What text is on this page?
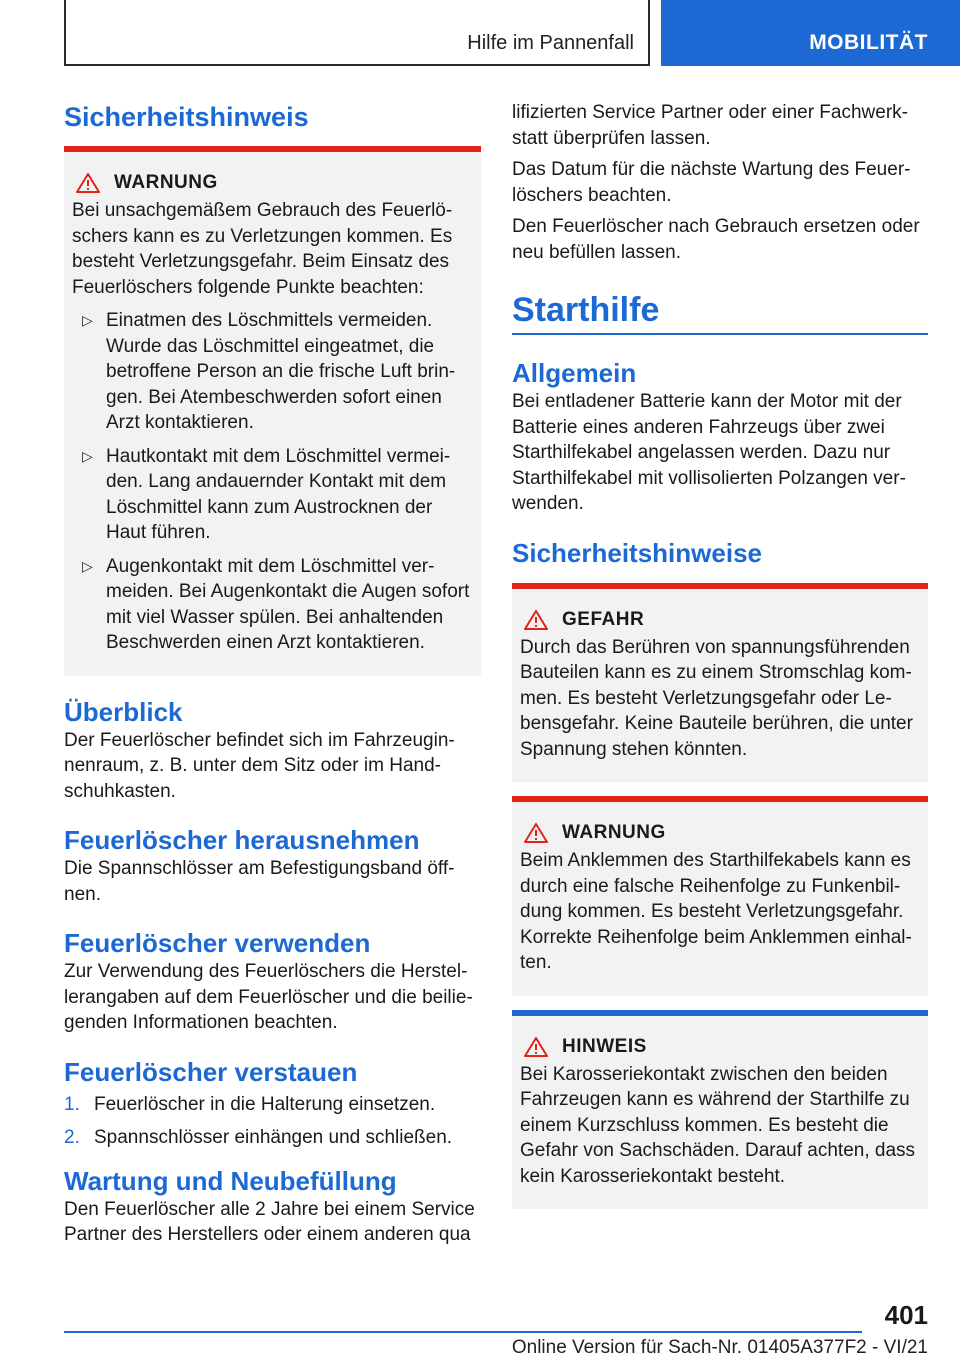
Hilfe im Pannenfall	MOBILITÄT
Sicherheitshinweis
WARNUNG

Bei unsachgemäßem Gebrauch des Feuerlöschers kann es zu Verletzungen kommen. Es besteht Verletzungsgefahr. Beim Einsatz des Feuerlöschers folgende Punkte beachten:

▷ Einatmen des Löschmittels vermeiden. Wurde das Löschmittel eingeatmet, die betroffene Person an die frische Luft bringen. Bei Atembeschwerden sofort einen Arzt kontaktieren.
▷ Hautkontakt mit dem Löschmittel vermeiden. Lang andauernder Kontakt mit dem Löschmittel kann zum Austrocknen der Haut führen.
▷ Augenkontakt mit dem Löschmittel vermeiden. Bei Augenkontakt die Augen sofort mit viel Wasser spülen. Bei anhaltenden Beschwerden einen Arzt kontaktieren.
Überblick

Der Feuerlöscher befindet sich im Fahrzeuginnenraum, z. B. unter dem Sitz oder im Handschuhkasten.

Feuerlöscher herausnehmen

Die Spannschlösser am Befestigungsband öffnen.

Feuerlöscher verwenden

Zur Verwendung des Feuerlöschers die Herstellerangaben auf dem Feuerlöscher und die beiliegenden Informationen beachten.

Feuerlöscher verstauen
1. Feuerlöscher in die Halterung einsetzen.
2. Spannschlösser einhängen und schließen.
Wartung und Neubefüllung

Den Feuerlöscher alle 2 Jahre bei einem Service Partner des Herstellers oder einem anderen qua

lifizierten Service Partner oder einer Fachwerkstatt überprüfen lassen.

Das Datum für die nächste Wartung des Feuerlöschers beachten.

Den Feuerlöscher nach Gebrauch ersetzen oder neu befüllen lassen.

Starthilfe
Allgemein

Bei entladener Batterie kann der Motor mit der Batterie eines anderen Fahrzeugs über zwei Starthilfekabel angelassen werden. Dazu nur Starthilfekabel mit vollisolierten Polzangen verwenden.

Sicherheitshinweise
GEFAHR

Durch das Berühren von spannungsführenden Bauteilen kann es zu einem Stromschlag kommen. Es besteht Verletzungsgefahr oder Lebensgefahr. Keine Bauteile berühren, die unter Spannung stehen könnten.

WARNUNG

Beim Anklemmen des Starthilfekabels kann es durch eine falsche Reihenfolge zu Funkenbildung kommen. Es besteht Verletzungsgefahr. Korrekte Reihenfolge beim Anklemmen einhalten.

HINWEIS

Bei Karosseriekontakt zwischen den beiden Fahrzeugen kann es während der Starthilfe zu einem Kurzschluss kommen. Es besteht die Gefahr von Sachschäden. Darauf achten, dass kein Karosseriekontakt besteht.

401
Online Version für Sach-Nr. 01405A377F2 - VI/21
